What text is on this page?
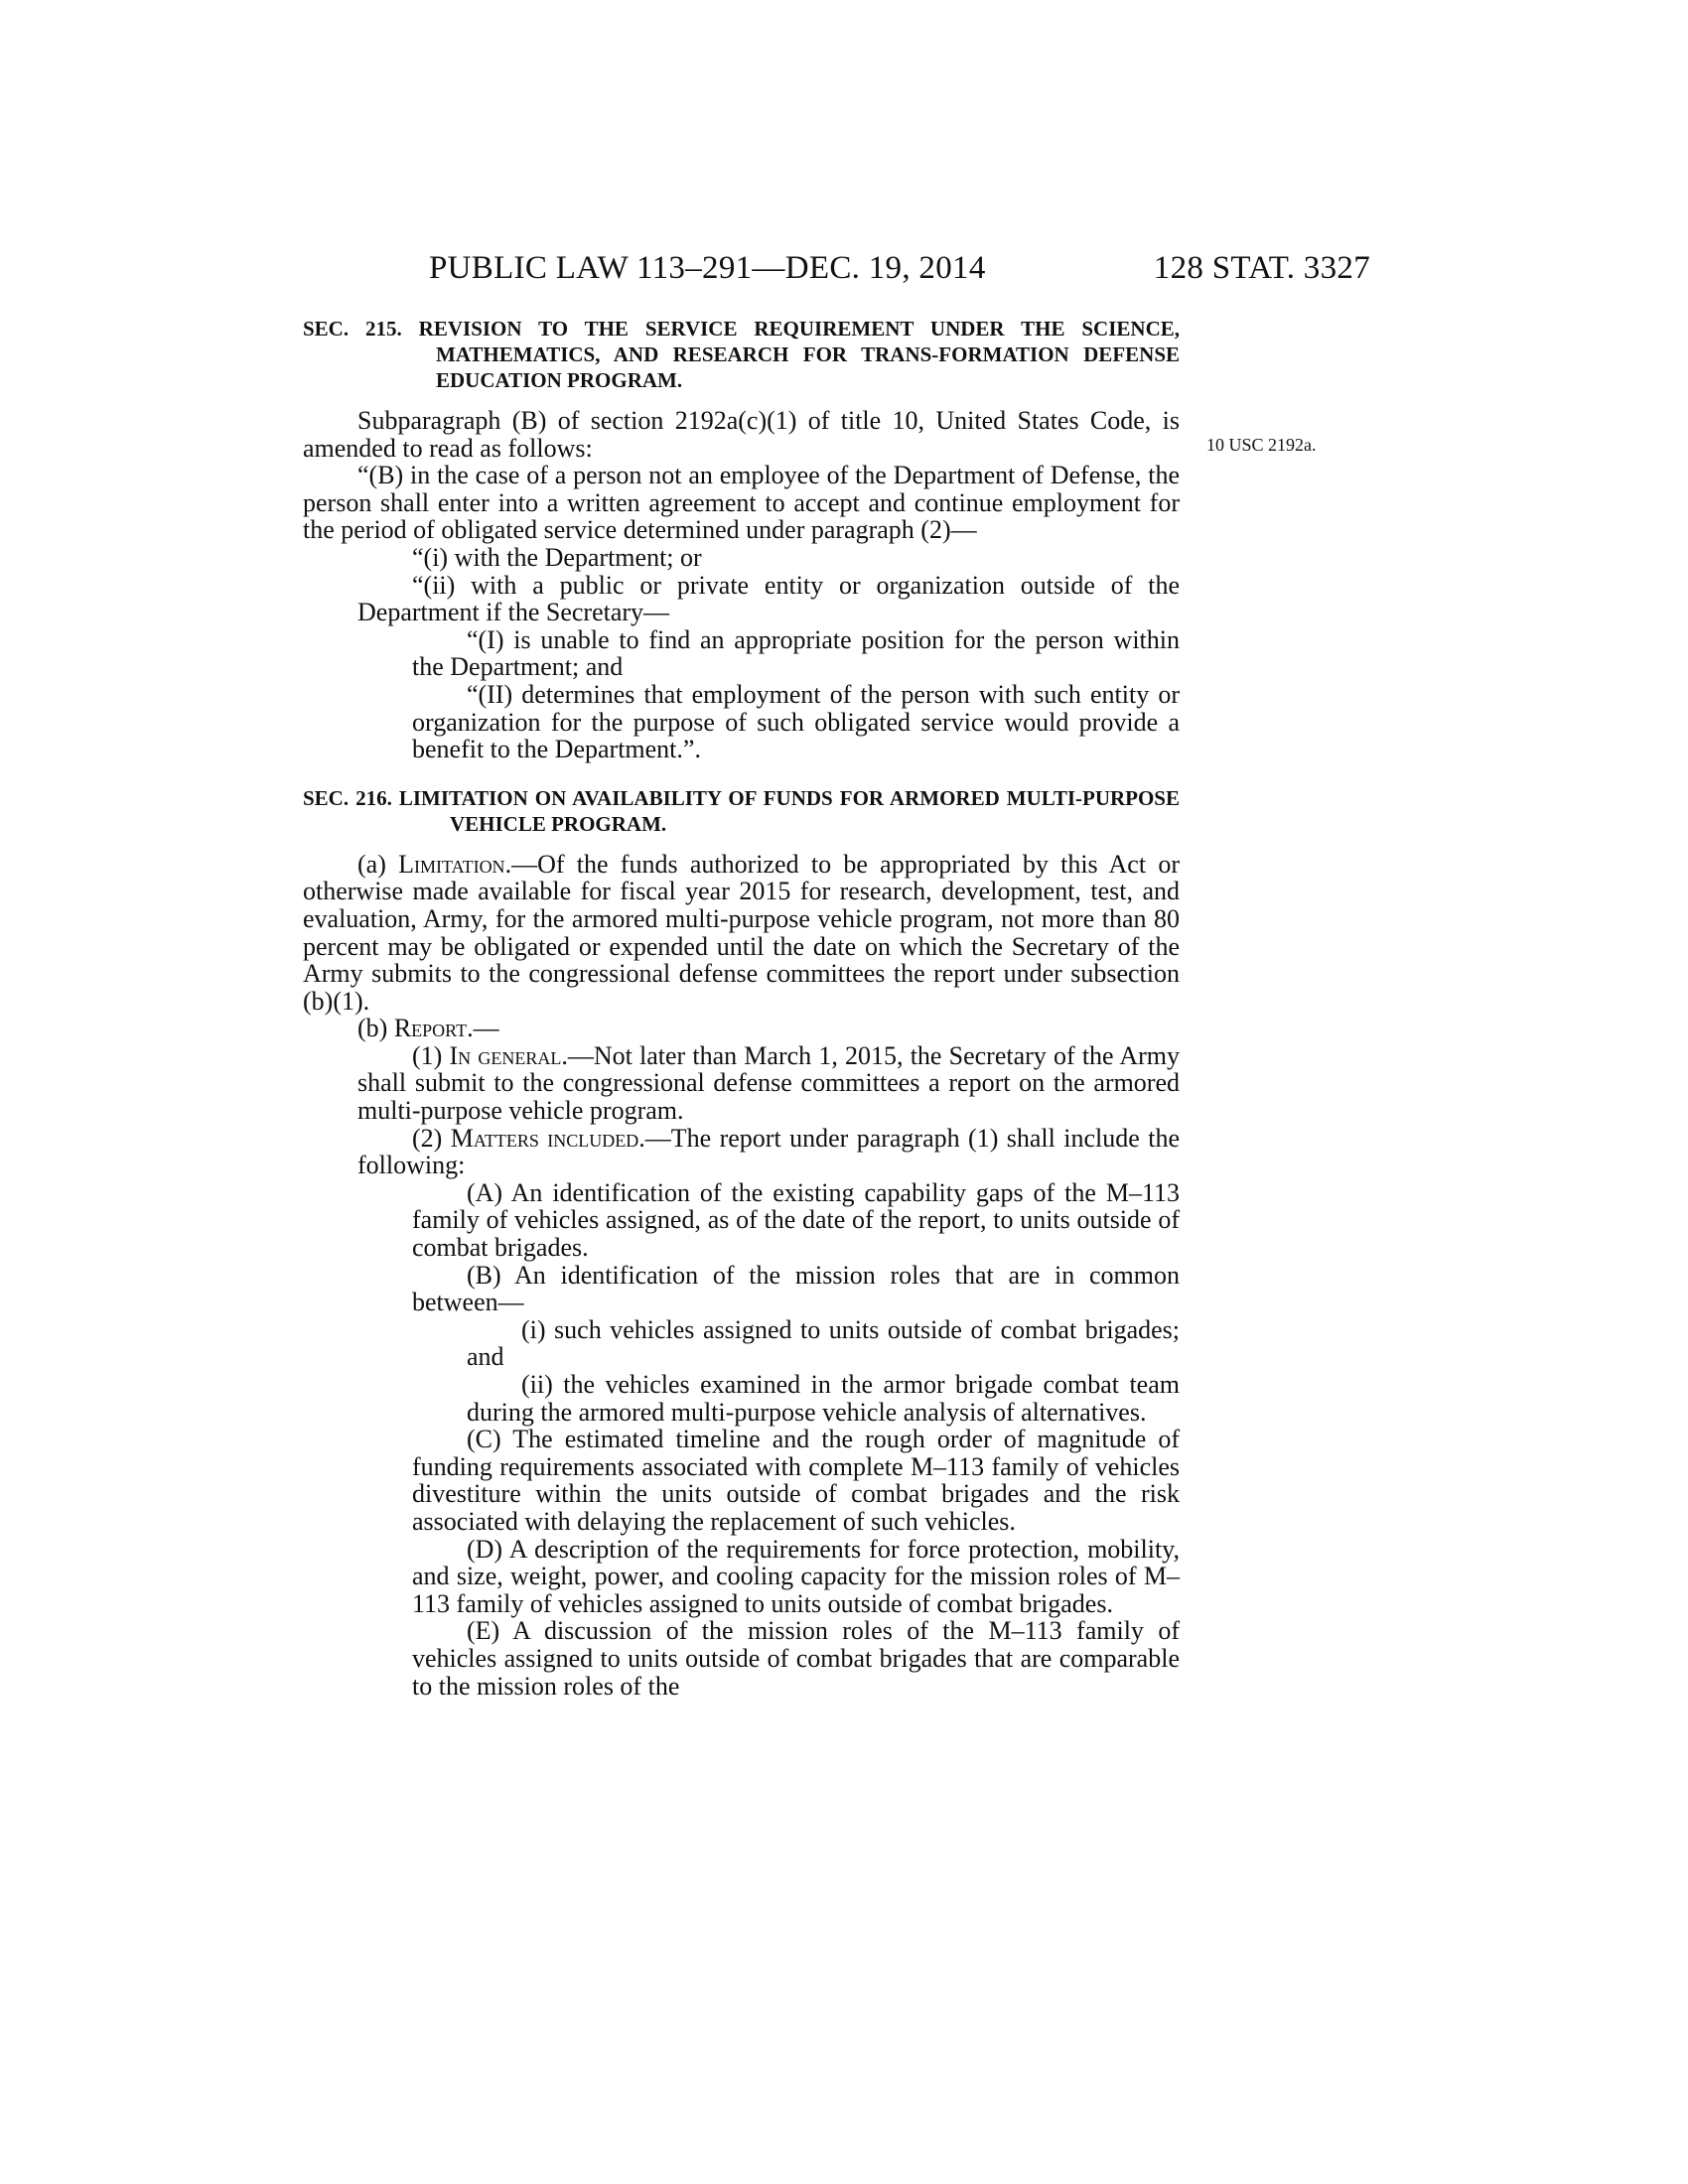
PUBLIC LAW 113–291—DEC. 19, 2014	128 STAT. 3327
10 USC 2192a.

SEC. 215. REVISION TO THE SERVICE REQUIREMENT UNDER THE SCIENCE, MATHEMATICS, AND RESEARCH FOR TRANS-FORMATION DEFENSE EDUCATION PROGRAM.

Subparagraph (B) of section 2192a(c)(1) of title 10, United States Code, is amended to read as follows:

“(B) in the case of a person not an employee of the Department of Defense, the person shall enter into a written agreement to accept and continue employment for the period of obligated service determined under paragraph (2)—

“(i) with the Department; or

“(ii) with a public or private entity or organization outside of the Department if the Secretary—

“(I) is unable to find an appropriate position for the person within the Department; and

“(II) determines that employment of the person with such entity or organization for the purpose of such obligated service would provide a benefit to the Department.”.

SEC. 216. LIMITATION ON AVAILABILITY OF FUNDS FOR ARMORED MULTI-PURPOSE VEHICLE PROGRAM.

(a) Limitation.—Of the funds authorized to be appropriated by this Act or otherwise made available for fiscal year 2015 for research, development, test, and evaluation, Army, for the armored multi-purpose vehicle program, not more than 80 percent may be obligated or expended until the date on which the Secretary of the Army submits to the congressional defense committees the report under subsection (b)(1).

(b) Report.—

(1) In general.—Not later than March 1, 2015, the Secretary of the Army shall submit to the congressional defense committees a report on the armored multi-purpose vehicle program.

(2) Matters included.—The report under paragraph (1) shall include the following:

(A) An identification of the existing capability gaps of the M–113 family of vehicles assigned, as of the date of the report, to units outside of combat brigades.

(B) An identification of the mission roles that are in common between—

(i) such vehicles assigned to units outside of combat brigades; and

(ii) the vehicles examined in the armor brigade combat team during the armored multi-purpose vehicle analysis of alternatives.

(C) The estimated timeline and the rough order of magnitude of funding requirements associated with complete M–113 family of vehicles divestiture within the units outside of combat brigades and the risk associated with delaying the replacement of such vehicles.

(D) A description of the requirements for force protection, mobility, and size, weight, power, and cooling capacity for the mission roles of M–113 family of vehicles assigned to units outside of combat brigades.

(E) A discussion of the mission roles of the M–113 family of vehicles assigned to units outside of combat brigades that are comparable to the mission roles of the
